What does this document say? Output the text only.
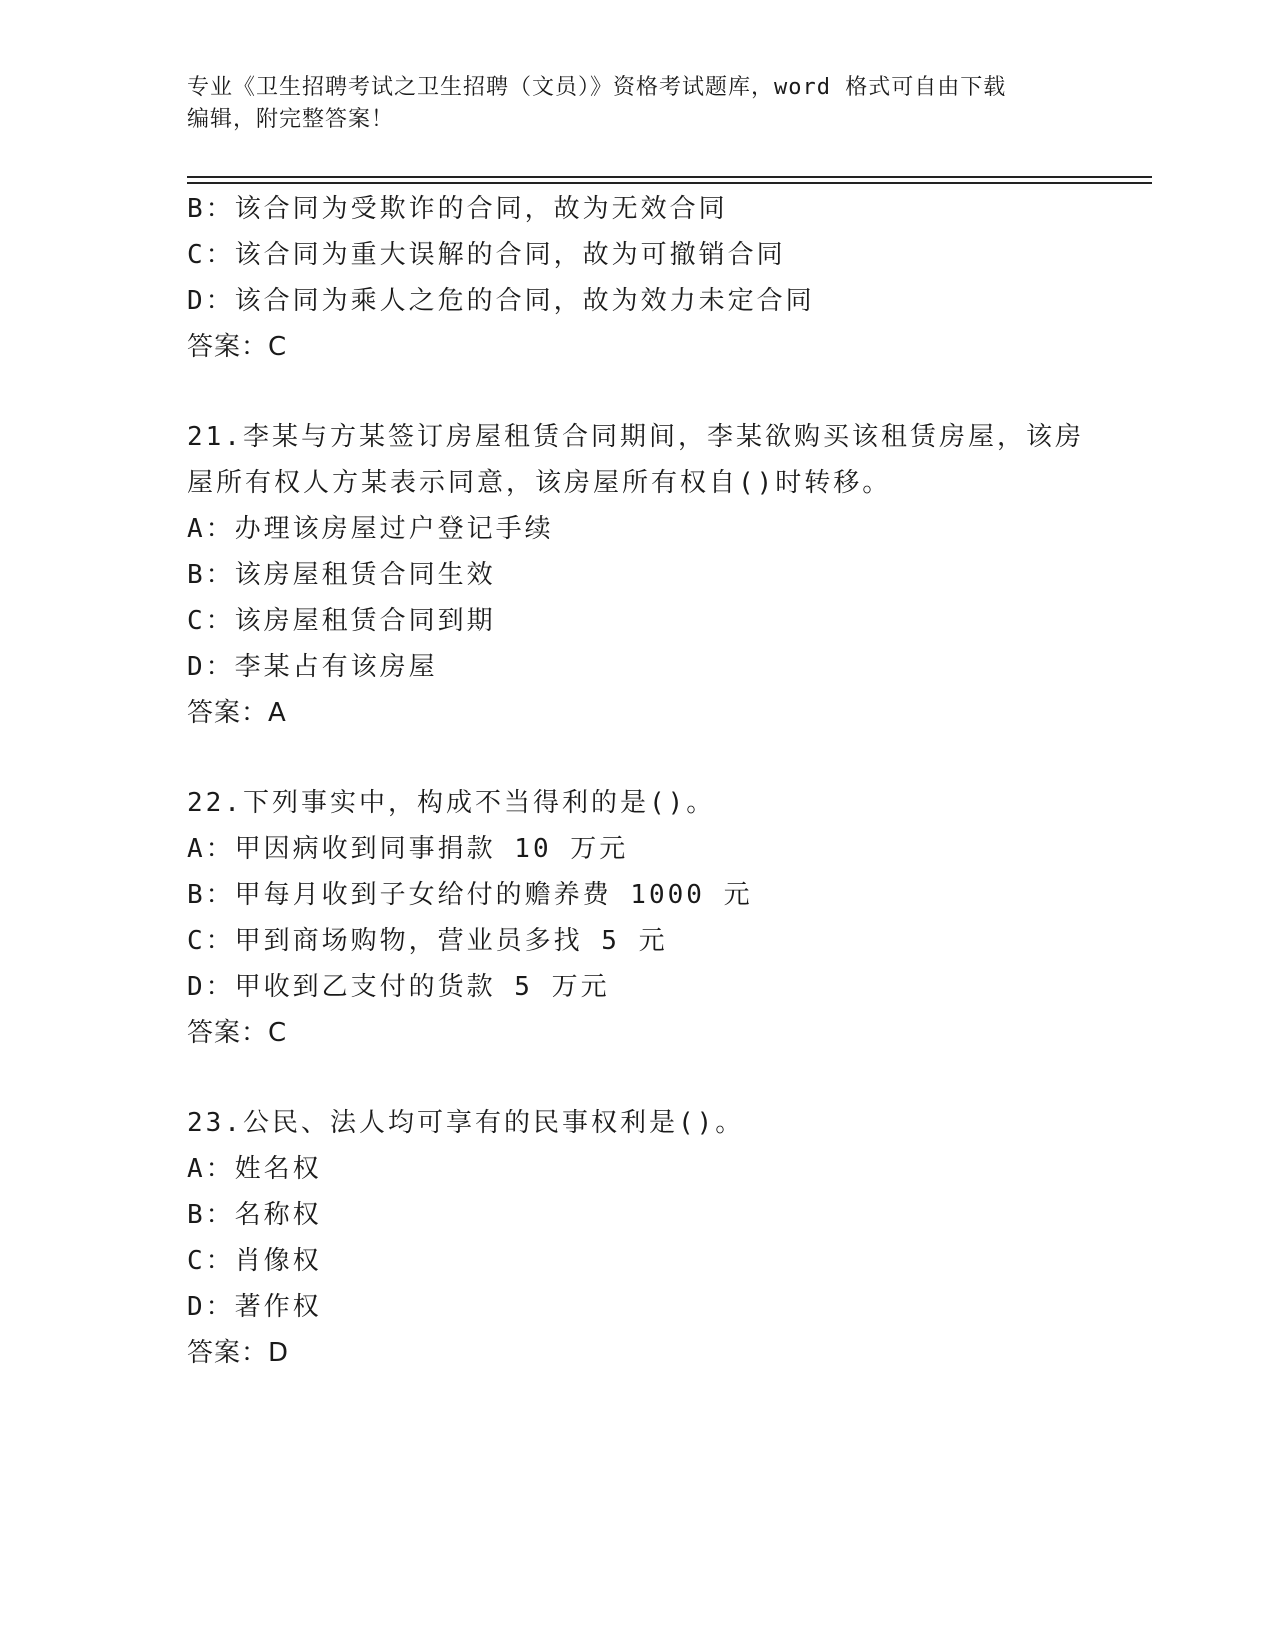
专业《卫生招聘考试之卫生招聘（文员）》资格考试题库，word 格式可自由下载
编辑，附完整答案！
B：该合同为受欺诈的合同，故为无效合同
C：该合同为重大误解的合同，故为可撤销合同
D：该合同为乘人之危的合同，故为效力未定合同
答案：C
21.李某与方某签订房屋租赁合同期间，李某欲购买该租赁房屋，该房
屋所有权人方某表示同意，该房屋所有权自()时转移。
A：办理该房屋过户登记手续
B：该房屋租赁合同生效
C：该房屋租赁合同到期
D：李某占有该房屋
答案：A
22.下列事实中，构成不当得利的是()。
A：甲因病收到同事捐款 10 万元
B：甲每月收到子女给付的赡养费 1000 元
C：甲到商场购物，营业员多找 5 元
D：甲收到乙支付的货款 5 万元
答案：C
23.公民、法人均可享有的民事权利是()。
A：姓名权
B：名称权
C：肖像权
D：著作权
答案：D
